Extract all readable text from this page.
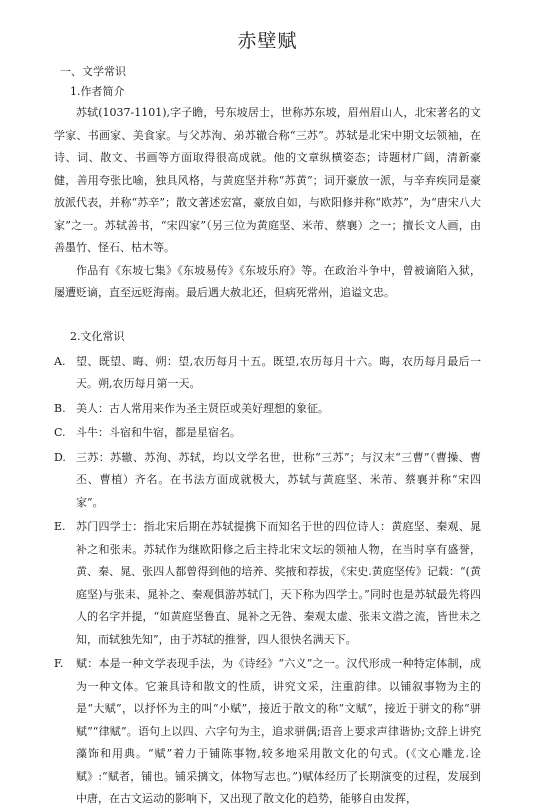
赤壁赋
一、文学常识
1.作者简介

苏轼(1037-1101),字子瞻，号东坡居士，世称苏东坡，眉州眉山人，北宋著名的文学家、书画家、美食家。与父苏洵、弟苏辙合称“三苏”。苏轼是北宋中期文坛领袖，在诗、词、散文、书画等方面取得很高成就。他的文章纵横姿态；诗题材广阔，清新豪健，善用夸张比喻，独具风格，与黄庭坚并称“苏黄”；词开豪放一派，与辛弃疾同是豪放派代表，并称“苏辛”；散文著述宏富，豪放自如，与欧阳修并称“欧苏”，为“唐宋八大家”之一。苏轼善书，“宋四家”（另三位为黄庭坚、米芾、蔡襄）之一；擅长文人画，由善墨竹、怪石、枯木等。

作品有《东坡七集》《东坡易传》《东坡乐府》等。在政治斗争中，曾被谪陷入狱，屡遭贬谪，直至远贬海南。最后遇大赦北还，但病死常州，追谥文忠。

2.文化常识
A. 望、既望、晦、朔：望,农历每月十五。既望,农历每月十六。晦，农历每月最后一天。朔,农历每月第一天。
B. 美人：古人常用来作为圣主贤臣或美好理想的象征。
C. 斗牛：斗宿和牛宿，都是星宿名。
D. 三苏：苏辙、苏洵、苏轼，均以文学名世，世称“三苏”；与汉末“三曹”（曹操、曹丕、曹植）齐名。在书法方面成就极大，苏轼与黄庭坚、米芾、蔡襄并称“宋四家”。
E. 苏门四学士：指北宋后期在苏轼提携下而知名于世的四位诗人：黄庭坚、秦观、晁补之和张耒。苏轼作为继欧阳修之后主持北宋文坛的领袖人物，在当时享有盛誉，黄、秦、晁、张四人都曾得到他的培养、奖掖和荐拔，《宋史.黄庭坚传》记载：“(黄庭坚)与张耒、晁补之、秦观俱游苏轼门，天下称为四学士。”同时也是苏轼最先将四人的名字并提，“如黄庭坚鲁直、晁补之无咎、秦观太虚、张耒文潜之流，皆世未之知，而轼独先知”，由于苏轼的推誉，四人很快名满天下。
F.	赋：本是一种文学表现手法，为《诗经》“六义”之一。汉代形成一种特定体制，成为一种文体。它兼具诗和散文的性质，讲究文采，注重韵律。以铺叙事物为主的是“大赋”，以抒怀为主的叫“小赋”，接近于散文的称“文赋”，接近于骈文的称“骈赋”“律赋”。语句上以四、六字句为主，追求骈偶;语音上要求声律谐协;文辞上讲究藻饰和用典。“赋”着力于铺陈事物,较多地采用散文化的句式。(《文心雕龙.诠赋》:“赋者，铺也。铺采摛文，体物写志也。”)赋体经历了长期演变的过程，发展到中唐，在古文运动的影响下，又出现了散文化的趋势，能够自由发挥，
